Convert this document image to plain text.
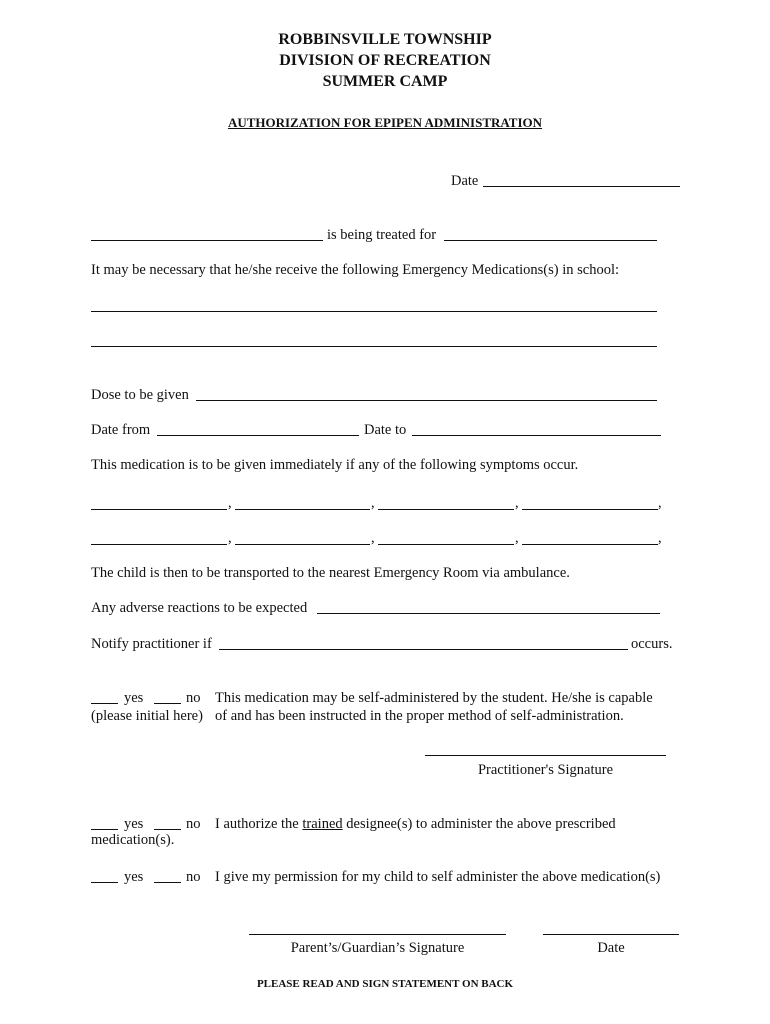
ROBBINSVILLE TOWNSHIP
DIVISION OF RECREATION
SUMMER CAMP
AUTHORIZATION FOR EPIPEN ADMINISTRATION
Date
is being treated for
It may be necessary that he/she receive the following Emergency Medications(s) in school:
Dose to be given
Date from	Date to
This medication is to be given immediately if any of the following symptoms occur.
,	,	,	,
,	,	,	,
The child is then to be transported to the nearest Emergency Room via ambulance.
Any adverse reactions to be expected
Notify practitioner if	occurs.
yes	no This medication may be self-administered by the student. He/she is capable
(please initial here) of and has been instructed in the proper method of self-administration.
Practitioner's Signature
yes	no I authorize the trained designee(s) to administer the above prescribed
medication(s).
yes	no I give my permission for my child to self administer the above medication(s)
Parent’s/Guardian’s Signature	Date
PLEASE READ AND SIGN STATEMENT ON BACK
